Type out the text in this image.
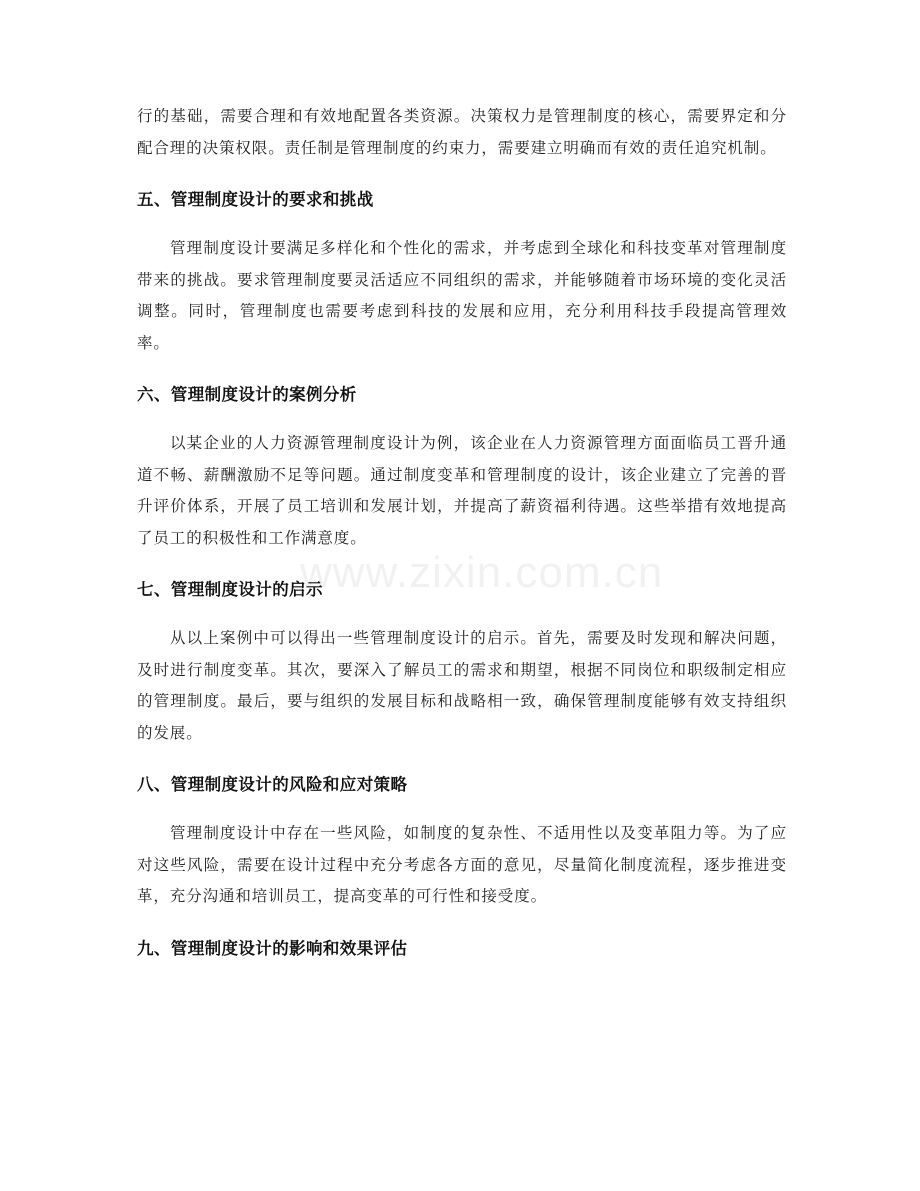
www.zixin.com.cn

行的基础，需要合理和有效地配置各类资源。决策权力是管理制度的核心，需要界定和分配合理的决策权限。责任制是管理制度的约束力，需要建立明确而有效的责任追究机制。

五、管理制度设计的要求和挑战

管理制度设计要满足多样化和个性化的需求，并考虑到全球化和科技变革对管理制度带来的挑战。要求管理制度要灵活适应不同组织的需求，并能够随着市场环境的变化灵活调整。同时，管理制度也需要考虑到科技的发展和应用，充分利用科技手段提高管理效率。

六、管理制度设计的案例分析

以某企业的人力资源管理制度设计为例，该企业在人力资源管理方面面临员工晋升通道不畅、薪酬激励不足等问题。通过制度变革和管理制度的设计，该企业建立了完善的晋升评价体系，开展了员工培训和发展计划，并提高了薪资福利待遇。这些举措有效地提高了员工的积极性和工作满意度。

七、管理制度设计的启示

从以上案例中可以得出一些管理制度设计的启示。首先，需要及时发现和解决问题，及时进行制度变革。其次，要深入了解员工的需求和期望，根据不同岗位和职级制定相应的管理制度。最后，要与组织的发展目标和战略相一致，确保管理制度能够有效支持组织的发展。

八、管理制度设计的风险和应对策略

管理制度设计中存在一些风险，如制度的复杂性、不适用性以及变革阻力等。为了应对这些风险，需要在设计过程中充分考虑各方面的意见，尽量简化制度流程，逐步推进变革，充分沟通和培训员工，提高变革的可行性和接受度。

九、管理制度设计的影响和效果评估
